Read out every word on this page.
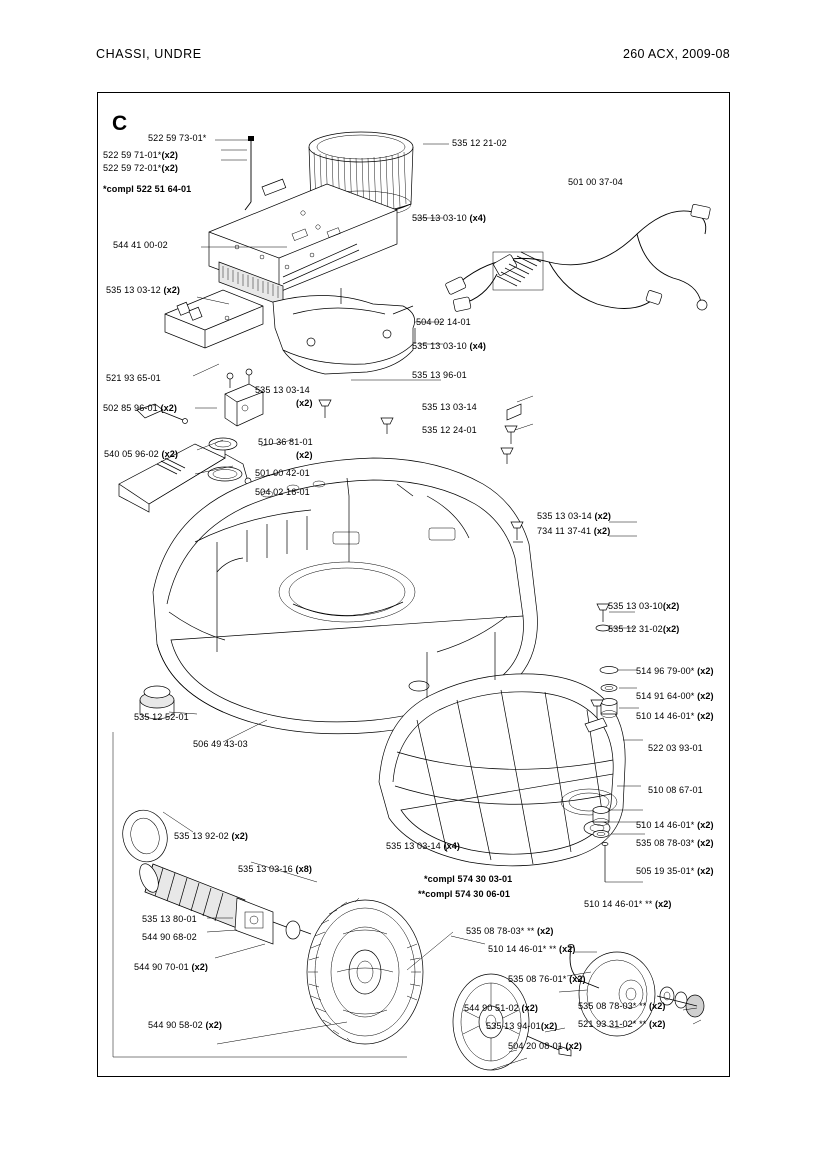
CHASSI, UNDRE	260 ACX, 2009-08
C
522 59 73-01*
522 59 71-01*(x2)
522 59 72-01*(x2)
*compl 522 51 64-01
544 41 00-02
535 13 03-12 (x2)
521 93 65-01
502 85 96-01 (x2)
535 13 03-14
(x2)
510 36 81-01
(x2)
540 05 96-02 (x2)
501 00 42-01
504 02 16-01
535 12 21-02
535 13 03-10 (x4)
501 00 37-04
504 02 14-01
535 13 03-10 (x4)
535 13 96-01
535 13 03-14
535 12 24-01
535 13 03-14 (x2)
734 11 37-41 (x2)
535 13 03-10(x2)
535 12 31-02(x2)
514 96 79-00* (x2)
514 91 64-00* (x2)
510 14 46-01* (x2)
522 03 93-01
510 08 67-01
510 14 46-01* (x2)
535 08 78-03* (x2)
505 19 35-01* (x2)
535 12 52-01
506 49 43-03
535 13 92-02 (x2)
535 13 03-16 (x8)
535 13 80-01
544 90 68-02
544 90 70-01 (x2)
544 90 58-02 (x2)
535 13 03-14 (x4)
*compl 574 30 03-01
**compl 574 30 06-01
535 08 78-03* ** (x2)
510 14 46-01* ** (x2)
535 08 76-01* (x2)
510 14 46-01* ** (x2)
535 08 78-03* ** (x2)
521 93 31-02* ** (x2)
544 90 51-02 (x2)
535 13 94-01(x2)
504 20 08-01 (x2)
